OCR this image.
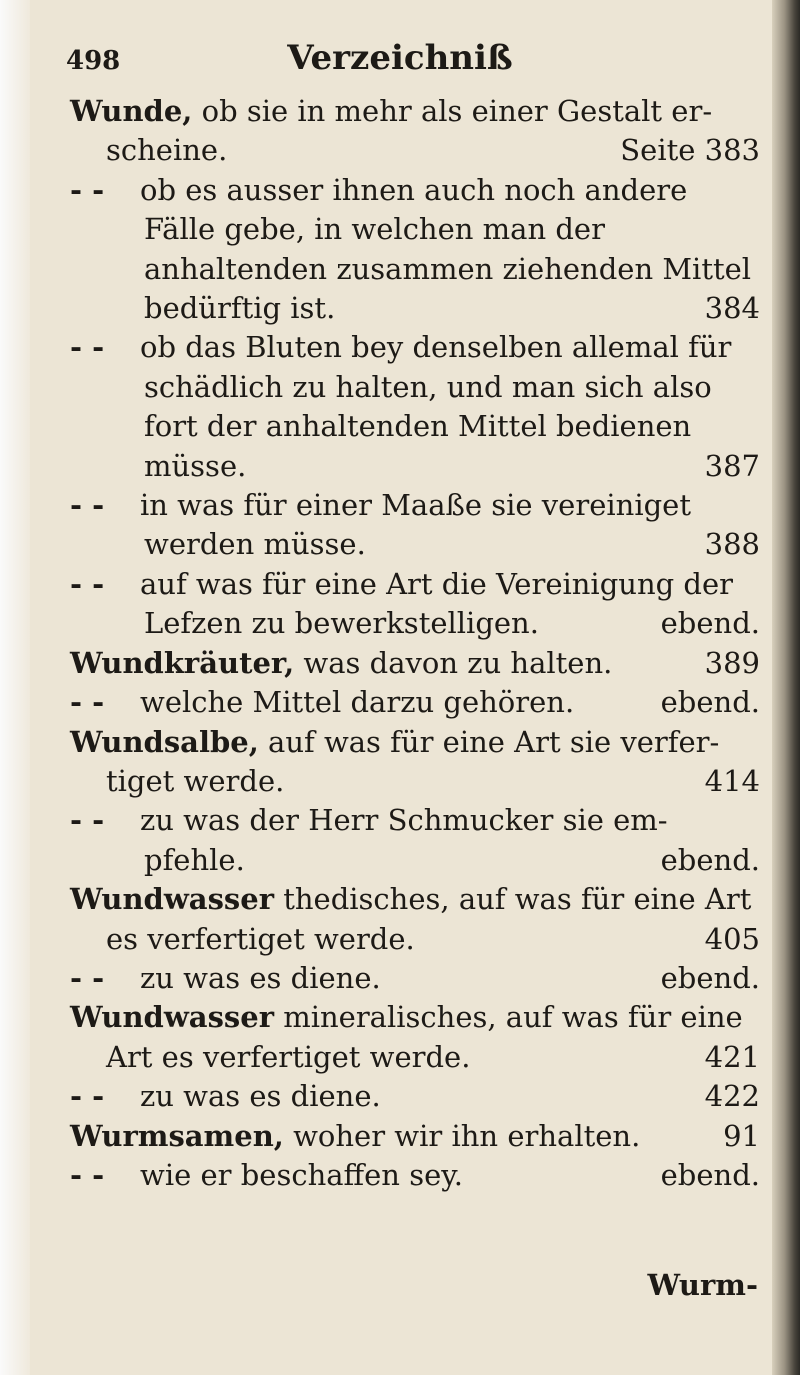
498	Verzeichniß

Wunde, ob sie in mehr als einer Gestalt er-scheine.	Seite 383

- - ob es ausser ihnen auch noch andere Fälle gebe, in welchen man der anhaltenden zusammen ziehenden Mittel bedürftig ist.	384

- - ob das Bluten bey denselben allemal für schädlich zu halten, und man sich also fort der anhaltenden Mittel bedienen müsse.	387

- - in was für einer Maaße sie vereiniget werden müsse.	388

- - auf was für eine Art die Vereinigung der Lefzen zu bewerkstelligen.	ebend.

Wundkräuter, was davon zu halten.	389

- - welche Mittel darzu gehören.	ebend.

Wundsalbe, auf was für eine Art sie verfer-tiget werde.	414

- - zu was der Herr Schmucker sie em-pfehle.	ebend.

Wundwasser thedisches, auf was für eine Art es verfertiget werde.	405

- - zu was es diene.	ebend.

Wundwasser mineralisches, auf was für eine Art es verfertiget werde.	421

- - zu was es diene.	422

Wurmsamen, woher wir ihn erhalten.	91

- - wie er beschaffen sey.	ebend.

Wurm-
